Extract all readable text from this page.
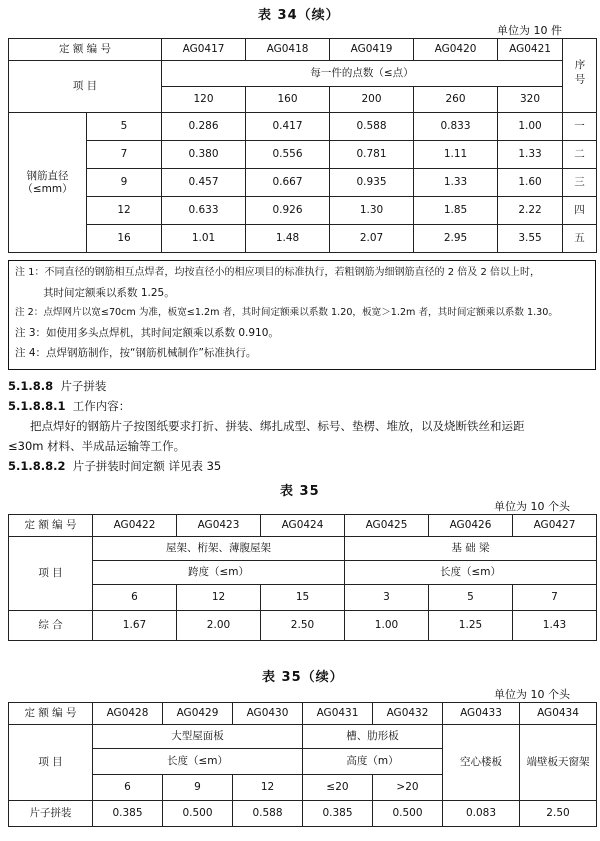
表 34（续）
单位为 10 件
定 额 编 号		AG0417	AG0418	AG0419	AG0420	AG0421	序号
项 目		每一件的点数（≤点）					
		120	160	200	260	320	
钢筋直径
（≤mm）	5	0.286	0.417	0.588	0.833	1.00	一
	7	0.380	0.556	0.781	1.11	1.33	二
	9	0.457	0.667	0.935	1.33	1.60	三
	12	0.633	0.926	1.30	1.85	2.22	四
	16	1.01	1.48	2.07	2.95	3.55	五
注 1：不同直径的钢筋相互点焊者，均按直径小的相应项目的标准执行，若粗钢筋为细钢筋直径的 2 倍及 2 倍以上时，
其时间定额乘以系数 1.25。
注 2：点焊网片以宽≤70cm 为准，板宽≤1.2m 者，其时间定额乘以系数 1.20，板宽＞1.2m 者，其时间定额乘以系数 1.30。
注 3：如使用多头点焊机，其时间定额乘以系数 0.910。
注 4：点焊钢筋制作，按“钢筋机械制作”标准执行。
5.1.8.8 片子拼装
5.1.8.8.1 工作内容：
把点焊好的钢筋片子按图纸要求打折、拼装、绑扎成型、标号、垫楞、堆放，以及烧断铁丝和运距
≤30m 材料、半成品运输等工作。
5.1.8.8.2 片子拼装时间定额 详见表 35
表 35
单位为 10 个头
定 额 编 号	AG0422	AG0423	AG0424	AG0425	AG0426	AG0427
项 目	屋架、桁架、薄腹屋架			基 础 梁		
	跨度（≤m）			长度（≤m）		
	6	12	15	3	5	7
综 合	1.67	2.00	2.50	1.00	1.25	1.43
表 35（续）
单位为 10 个头
定 额 编 号	AG0428	AG0429	AG0430	AG0431	AG0432	AG0433	AG0434
项 目	大型屋面板			槽、肋形板		空心楼板	端壁板天窗架
	长度（≤m）			高度（m）			
	6	9	12	≤20	>20		
片子拼装	0.385	0.500	0.588	0.385	0.500	0.083	2.50
